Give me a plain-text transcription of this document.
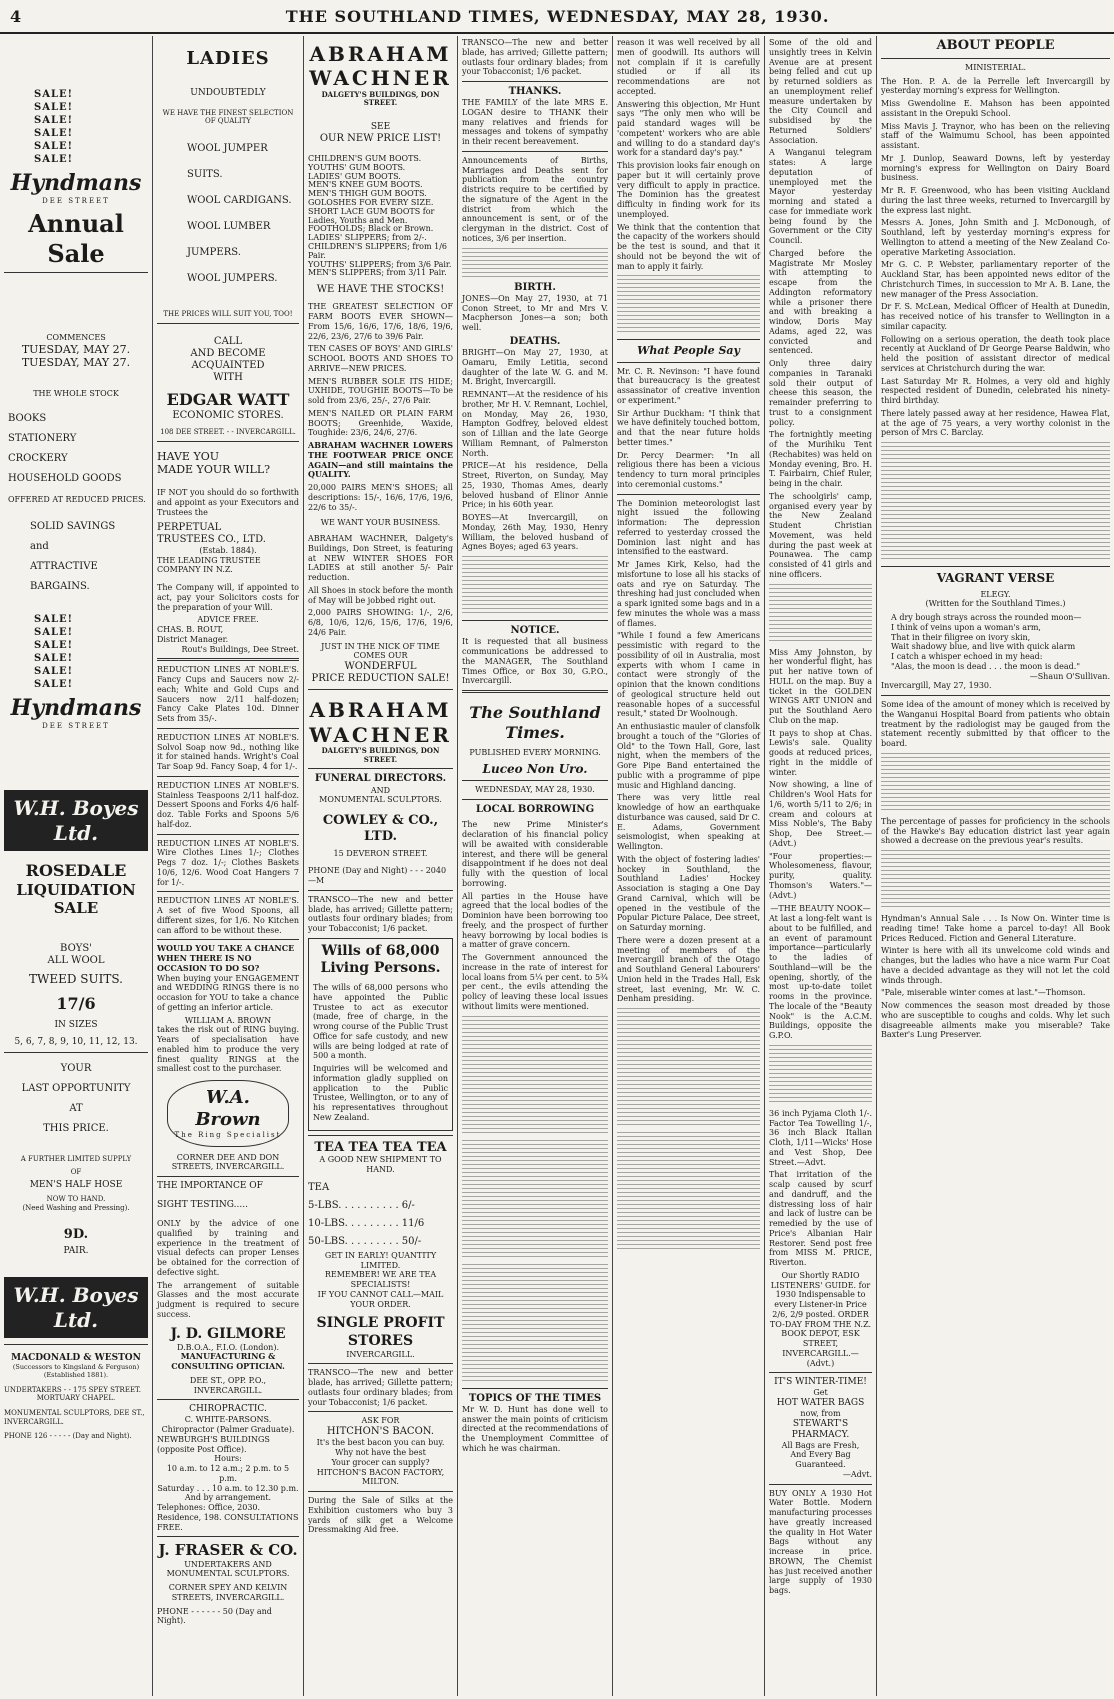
4	THE SOUTHLAND TIMES, WEDNESDAY, MAY 28, 1930.
SALE!
SALE!
SALE!
SALE!
SALE!
SALE!
Hyndmans
DEE STREET
Annual Sale
COMMENCES
TUESDAY, MAY 27.
TUESDAY, MAY 27.
THE WHOLE STOCK
BOOKS
STATIONERY
CROCKERY
HOUSEHOLD GOODS
OFFERED AT REDUCED PRICES.
SOLID SAVINGS
and
ATTRACTIVE
BARGAINS.
SALE!
SALE!
SALE!
SALE!
SALE!
SALE!
Hyndmans
DEE STREET
W.H. Boyes Ltd.
ROSEDALE
LIQUIDATION SALE
BOYS'
ALL WOOL
TWEED SUITS.
17/6
IN SIZES
5, 6, 7, 8, 9, 10, 11, 12, 13.
YOUR
LAST OPPORTUNITY
AT
THIS PRICE.
A FURTHER LIMITED SUPPLY
OF
MEN'S HALF HOSE
NOW TO HAND.
(Need Washing and Pressing).
9D.
PAIR.
W.H. Boyes Ltd.
MACDONALD & WESTON
(Successors to Kingsland & Ferguson)
(Established 1881).
UNDERTAKERS - - 175 SPEY STREET.
MORTUARY CHAPEL.
MONUMENTAL SCULPTORS, DEE ST., INVERCARGILL.
PHONE 126 - - - - - (Day and Night).
LADIES
UNDOUBTEDLY
WE HAVE THE FINEST SELECTION OF QUALITY
WOOL JUMPER SUITS.
WOOL CARDIGANS.
WOOL LUMBER JUMPERS.
WOOL JUMPERS.
THE PRICES WILL SUIT YOU, TOO!
CALL
AND BECOME ACQUAINTED
WITH
EDGAR WATT
ECONOMIC STORES.
108 DEE STREET. - - INVERCARGILL.
HAVE YOU
MADE YOUR WILL?

IF NOT you should do so forthwith and appoint as your Executors and Trustees the

PERPETUAL
TRUSTEES CO., LTD.
(Estab. 1884).
THE LEADING TRUSTEE COMPANY IN N.Z.

The Company will, if appointed to act, pay your Solicitors costs for the preparation of your Will.

ADVICE FREE.
CHAS. B. ROUT,
District Manager.
Rout's Buildings, Dee Street.

REDUCTION LINES AT NOBLE'S. Fancy Cups and Saucers now 2/- each; White and Gold Cups and Saucers now 2/11 half-dozen; Fancy Cake Plates 10d. Dinner Sets from 35/-.

REDUCTION LINES AT NOBLE'S. Solvol Soap now 9d., nothing like it for stained hands. Wright's Coal Tar Soap 9d. Fancy Soap, 4 for 1/-.

REDUCTION LINES AT NOBLE'S. Stainless Teaspoons 2/11 half-doz. Dessert Spoons and Forks 4/6 half-doz. Table Forks and Spoons 5/6 half-doz.

REDUCTION LINES AT NOBLE'S. Wire Clothes Lines 1/-; Clothes Pegs 7 doz. 1/-; Clothes Baskets 10/6, 12/6. Wood Coat Hangers 7 for 1/-.

REDUCTION LINES AT NOBLE'S. A set of five Wood Spoons, all different sizes, for 1/6. No Kitchen can afford to be without these.

WOULD YOU TAKE A CHANCE WHEN THERE IS NO OCCASION TO DO SO?

When buying your ENGAGEMENT and WEDDING RINGS there is no occasion for YOU to take a chance of getting an inferior article.

WILLIAM A. BROWN

takes the risk out of RING buying. Years of specialisation have enabled him to produce the very finest quality RINGS at the smallest cost to the purchaser.

W.A. Brown
The Ring Specialist
CORNER DEE AND DON STREETS, INVERCARGILL.
THE IMPORTANCE OF
SIGHT TESTING.....

ONLY by the advice of one qualified by training and experience in the treatment of visual defects can proper Lenses be obtained for the correction of defective sight.

The arrangement of suitable Glasses and the most accurate judgment is required to secure success.

J. D. GILMORE
D.B.O.A., F.I.O. (London).
MANUFACTURING & CONSULTING OPTICIAN.
DEE ST., OPP. P.O., INVERCARGILL.
CHIROPRACTIC.
C. WHITE-PARSONS.
Chiropractor (Palmer Graduate).
NEWBURGH'S BUILDINGS (opposite Post Office).
Hours:
10 a.m. to 12 a.m.; 2 p.m. to 5 p.m.
Saturday . . . 10 a.m. to 12.30 p.m.
And by arrangement.
Telephones: Office, 2030. Residence, 198. CONSULTATIONS FREE.
J. FRASER & CO.
UNDERTAKERS AND MONUMENTAL SCULPTORS.
CORNER SPEY AND KELVIN STREETS, INVERCARGILL.
PHONE - - - - - - 50 (Day and Night).
ABRAHAM
WACHNER
DALGETY'S BUILDINGS, DON STREET.
SEE
OUR NEW PRICE LIST!
CHILDREN'S GUM BOOTS.
YOUTHS' GUM BOOTS.
LADIES' GUM BOOTS.
MEN'S KNEE GUM BOOTS.
MEN'S THIGH GUM BOOTS.
GOLOSHES FOR EVERY SIZE.
SHORT LACE GUM BOOTS for Ladies, Youths and Men.
FOOTHOLDS; Black or Brown.
LADIES' SLIPPERS; from 2/-.
CHILDREN'S SLIPPERS; from 1/6 Pair.
YOUTHS' SLIPPERS; from 3/6 Pair.
MEN'S SLIPPERS; from 3/11 Pair.
WE HAVE THE STOCKS!

THE GREATEST SELECTION OF FARM BOOTS EVER SHOWN—From 15/6, 16/6, 17/6, 18/6, 19/6, 22/6, 23/6, 27/6 to 39/6 Pair.

TEN CASES OF BOYS' AND GIRLS' SCHOOL BOOTS AND SHOES TO ARRIVE—NEW PRICES.

MEN'S RUBBER SOLE ITS HIDE; UXHIDE, TOUGHIE BOOTS—To be sold from 23/6, 25/-, 27/6 Pair.

MEN'S NAILED OR PLAIN FARM BOOTS; Greenhide, Waxide, Toughide: 23/6, 24/6, 27/6.

ABRAHAM WACHNER LOWERS THE FOOTWEAR PRICE ONCE AGAIN—and still maintains the QUALITY.

20,000 PAIRS MEN'S SHOES; all descriptions: 15/-, 16/6, 17/6, 19/6, 22/6 to 35/-.

WE WANT YOUR BUSINESS.

ABRAHAM WACHNER, Dalgety's Buildings, Don Street, is featuring at NEW WINTER SHOES FOR LADIES at still another 5/- Pair reduction.

All Shoes in stock before the month of May will be jobbed right out.

2,000 PAIRS SHOWING: 1/-, 2/6, 6/8, 10/6, 12/6, 15/6, 17/6, 19/6, 24/6 Pair.

JUST IN THE NICK OF TIME COMES OUR
WONDERFUL
PRICE REDUCTION SALE!
ABRAHAM
WACHNER
DALGETY'S BUILDINGS, DON STREET.
FUNERAL DIRECTORS.
AND
MONUMENTAL SCULPTORS.
COWLEY & CO., LTD.
15 DEVERON STREET.
PHONE (Day and Night) - - - 2040—M

TRANSCO—The new and better blade, has arrived; Gillette pattern; outlasts four ordinary blades; from your Tobacconist; 1/6 packet.

Wills of 68,000
Living Persons.

The wills of 68,000 persons who have appointed the Public Trustee to act as executor (made, free of charge, in the wrong course of the Public Trust Office for safe custody, and new wills are being lodged at rate of 500 a month.

Inquiries will be welcomed and information gladly supplied on application to the Public Trustee, Wellington, or to any of his representatives throughout New Zealand.

TEA TEA TEA TEA
A GOOD NEW SHIPMENT TO HAND.
TEA
5-LBS. . . . . . . . . . 6/-
10-LBS. . . . . . . . . 11/6
50-LBS. . . . . . . . . 50/-
GET IN EARLY! QUANTITY LIMITED.
REMEMBER! WE ARE TEA SPECIALISTS!
IF YOU CANNOT CALL—MAIL YOUR ORDER.
SINGLE PROFIT
STORES
INVERCARGILL.

TRANSCO—The new and better blade, has arrived; Gillette pattern; outlasts four ordinary blades; from your Tobacconist; 1/6 packet.

ASK FOR
HITCHON'S BACON.
It's the best bacon you can buy.
Why not have the best
Your grocer can supply?
HITCHON'S BACON FACTORY, MILTON.

During the Sale of Silks at the Exhibition customers who buy 3 yards of silk get a Welcome Dressmaking Aid free.

TRANSCO—The new and better blade, has arrived; Gillette pattern; outlasts four ordinary blades; from your Tobacconist; 1/6 packet.

THANKS.

THE FAMILY of the late MRS E. LOGAN desire to THANK their many relatives and friends for messages and tokens of sympathy in their recent bereavement.

Announcements of Births, Marriages and Deaths sent for publication from the country districts require to be certified by the signature of the Agent in the district from which the announcement is sent, or of the clergyman in the district. Cost of notices, 3/6 per insertion.

BIRTH.

JONES—On May 27, 1930, at 71 Conon Street, to Mr and Mrs V. Macpherson Jones—a son; both well.

DEATHS.

BRIGHT—On May 27, 1930, at Oamaru, Emily Letitia, second daughter of the late W. G. and M. M. Bright, Invercargill.

REMNANT—At the residence of his brother, Mr H. V. Remnant, Lochiel, on Monday, May 26, 1930, Hampton Godfrey, beloved eldest son of Lillian and the late George William Remnant, of Palmerston North.

PRICE—At his residence, Della Street, Riverton, on Sunday, May 25, 1930, Thomas Ames, dearly beloved husband of Elinor Annie Price; in his 60th year.

BOYES—At Invercargill, on Monday, 26th May, 1930, Henry William, the beloved husband of Agnes Boyes; aged 63 years.

NOTICE.

It is requested that all business communications be addressed to the MANAGER, The Southland Times Office, or Box 30, G.P.O., Invercargill.

The Southland Times.
PUBLISHED EVERY MORNING.
Luceo Non Uro.
WEDNESDAY, MAY 28, 1930.
LOCAL BORROWING

The new Prime Minister's declaration of his financial policy will be awaited with considerable interest, and there will be general disappointment if he does not deal fully with the question of local borrowing.

All parties in the House have agreed that the local bodies of the Dominion have been borrowing too freely, and the prospect of further heavy borrowing by local bodies is a matter of grave concern.

The Government announced the increase in the rate of interest for local loans from 5¼ per cent. to 5¾ per cent., the evils attending the policy of leaving these local issues without limits were mentioned.

TOPICS OF THE TIMES

Mr W. D. Hunt has done well to answer the main points of criticism directed at the recommendations of the Unemployment Committee of which he was chairman.

reason it was well received by all men of goodwill. Its authors will not complain if it is carefully studied or if all its recommendations are not accepted.

Answering this objection, Mr Hunt says "The only men who will be paid standard wages will be 'competent' workers who are able and willing to do a standard day's work for a standard day's pay."

This provision looks fair enough on paper but it will certainly prove very difficult to apply in practice. The Dominion has the greatest difficulty in finding work for its unemployed.

We think that the contention that the capacity of the workers should be the test is sound, and that it should not be beyond the wit of man to apply it fairly.

What People Say

Mr. C. R. Nevinson: "I have found that bureaucracy is the greatest assassinator of creative invention or experiment."

Sir Arthur Duckham: "I think that we have definitely touched bottom, and that the near future holds better times."

Dr. Percy Dearmer: "In all religious there has been a vicious tendency to turn moral principles into ceremonial customs."

The Dominion meteorologist last night issued the following information: The depression referred to yesterday crossed the Dominion last night and has intensified to the eastward.

Mr James Kirk, Kelso, had the misfortune to lose all his stacks of oats and rye on Saturday. The threshing had just concluded when a spark ignited some bags and in a few minutes the whole was a mass of flames.

"While I found a few Americans pessimistic with regard to the possibility of oil in Australia, most experts with whom I came in contact were strongly of the opinion that the known conditions of geological structure held out reasonable hopes of a successful result," stated Dr Woolnough.

An enthusiastic mauler of clansfolk brought a touch of the "Glories of Old" to the Town Hall, Gore, last night, when the members of the Gore Pipe Band entertained the public with a programme of pipe music and Highland dancing.

There was very little real knowledge of how an earthquake disturbance was caused, said Dr C. E. Adams, Government seismologist, when speaking at Wellington.

With the object of fostering ladies' hockey in Southland, the Southland Ladies' Hockey Association is staging a One Day Grand Carnival, which will be opened in the vestibule of the Popular Picture Palace, Dee street, on Saturday morning.

There were a dozen present at a meeting of members of the Invercargill branch of the Otago and Southland General Labourers' Union held in the Trades Hall, Esk street, last evening, Mr. W. C. Denham presiding.

Some of the old and unsightly trees in Kelvin Avenue are at present being felled and cut up by returned soldiers as an unemployment relief measure undertaken by the City Council and subsidised by the Returned Soldiers' Association.

A Wanganui telegram states: A large deputation of unemployed met the Mayor yesterday morning and stated a case for immediate work being found by the Government or the City Council.

Charged before the Magistrate Mr Mosley with attempting to escape from the Addington reformatory while a prisoner there and with breaking a window, Doris May Adams, aged 22, was convicted and sentenced.

Only three dairy companies in Taranaki sold their output of cheese this season, the remainder preferring to trust to a consignment policy.

The fortnightly meeting of the Murihiku Tent (Rechabites) was held on Monday evening, Bro. H. T. Fairbairn, Chief Ruler, being in the chair.

The schoolgirls' camp, organised every year by the New Zealand Student Christian Movement, was held during the past week at Pounawea. The camp consisted of 41 girls and nine officers.

Miss Amy Johnston, by her wonderful flight, has put her native town of HULL on the map. Buy a ticket in the GOLDEN WINGS ART UNION and put the Southland Aero Club on the map.

It pays to shop at Chas. Lewis's sale. Quality goods at reduced prices, right in the middle of winter.

Now showing, a line of Children's Wool Hats for 1/6, worth 5/11 to 2/6; in cream and colours at Miss Noble's, The Baby Shop, Dee Street.—(Advt.)

"Four properties:—Wholesomeness, flavour, purity, quality. Thomson's Waters."—(Advt.)

—THE BEAUTY NOOK—

At last a long-felt want is about to be fulfilled, and an event of paramount importance—particularly to the ladies of Southland—will be the opening, shortly, of the most up-to-date toilet rooms in the province. The locale of the "Beauty Nook" is the A.C.M. Buildings, opposite the G.P.O.

36 inch Pyjama Cloth 1/-. Factor Tea Towelling 1/-, 36 inch Black Italian Cloth, 1/11—Wicks' Hose and Vest Shop, Dee Street.—Advt.

That irritation of the scalp caused by scurf and dandruff, and the distressing loss of hair and lack of lustre can be remedied by the use of Price's Albanian Hair Restorer. Send post free from MISS M. PRICE, Riverton.

Our Shortly RADIO LISTENERS' GUIDE. for 1930 Indispensable to every Listener-in Price 2/6, 2/9 posted. ORDER TO-DAY FROM THE N.Z. BOOK DEPOT, ESK STREET, INVERCARGILL.—(Advt.)

IT'S WINTER-TIME!
Get
HOT WATER BAGS
now, from
STEWART'S PHARMACY.
All Bags are Fresh,
And Every Bag Guaranteed.
—Advt.

BUY ONLY A 1930 Hot Water Bottle. Modern manufacturing processes have greatly increased the quality in Hot Water Bags without any increase in price. BROWN, The Chemist has just received another large supply of 1930 bags.

ABOUT PEOPLE
MINISTERIAL.

The Hon. P. A. de la Perrelle left Invercargill by yesterday morning's express for Wellington.

Miss Gwendoline E. Mahson has been appointed assistant in the Orepuki School.

Miss Mavis J. Traynor, who has been on the relieving staff of the Waimumu School, has been appointed assistant.

Mr J. Dunlop, Seaward Downs, left by yesterday morning's express for Wellington on Dairy Board business.

Mr R. F. Greenwood, who has been visiting Auckland during the last three weeks, returned to Invercargill by the express last night.

Messrs A. Jones, John Smith and J. McDonough, of Southland, left by yesterday morning's express for Wellington to attend a meeting of the New Zealand Co-operative Marketing Association.

Mr G. C. P. Webster, parliamentary reporter of the Auckland Star, has been appointed news editor of the Christchurch Times, in succession to Mr A. B. Lane, the new manager of the Press Association.

Dr F. S. McLean, Medical Officer of Health at Dunedin, has received notice of his transfer to Wellington in a similar capacity.

Following on a serious operation, the death took place recently at Auckland of Dr George Pearse Baldwin, who held the position of assistant director of medical services at Christchurch during the war.

Last Saturday Mr R. Holmes, a very old and highly respected resident of Dunedin, celebrated his ninety-third birthday.

There lately passed away at her residence, Hawea Flat, at the age of 75 years, a very worthy colonist in the person of Mrs C. Barclay.

VAGRANT VERSE
ELEGY.
(Written for the Southland Times.)
A dry bough strays across the rounded moon—
I think of veins upon a woman's arm,
That in their filigree on ivory skin,
Wait shadowy blue, and live with quick alarm
I catch a whisper echoed in my head:
"Alas, the moon is dead . . . the moon is dead."
—Shaun O'Sullivan.
Invercargill, May 27, 1930.

Some idea of the amount of money which is received by the Wanganui Hospital Board from patients who obtain treatment by the radiologist may be gauged from the statement recently submitted by that officer to the board.

The percentage of passes for proficiency in the schools of the Hawke's Bay education district last year again showed a decrease on the previous year's results.

Hyndman's Annual Sale . . . Is Now On. Winter time is reading time! Take home a parcel to-day! All Book Prices Reduced. Fiction and General Literature.

Winter is here with all its unwelcome cold winds and changes, but the ladies who have a nice warm Fur Coat have a decided advantage as they will not let the cold winds through.

"Pale, miserable winter comes at last."—Thomson.

Now commences the season most dreaded by those who are susceptible to coughs and colds. Why let such disagreeable ailments make you miserable? Take Baxter's Lung Preserver.
